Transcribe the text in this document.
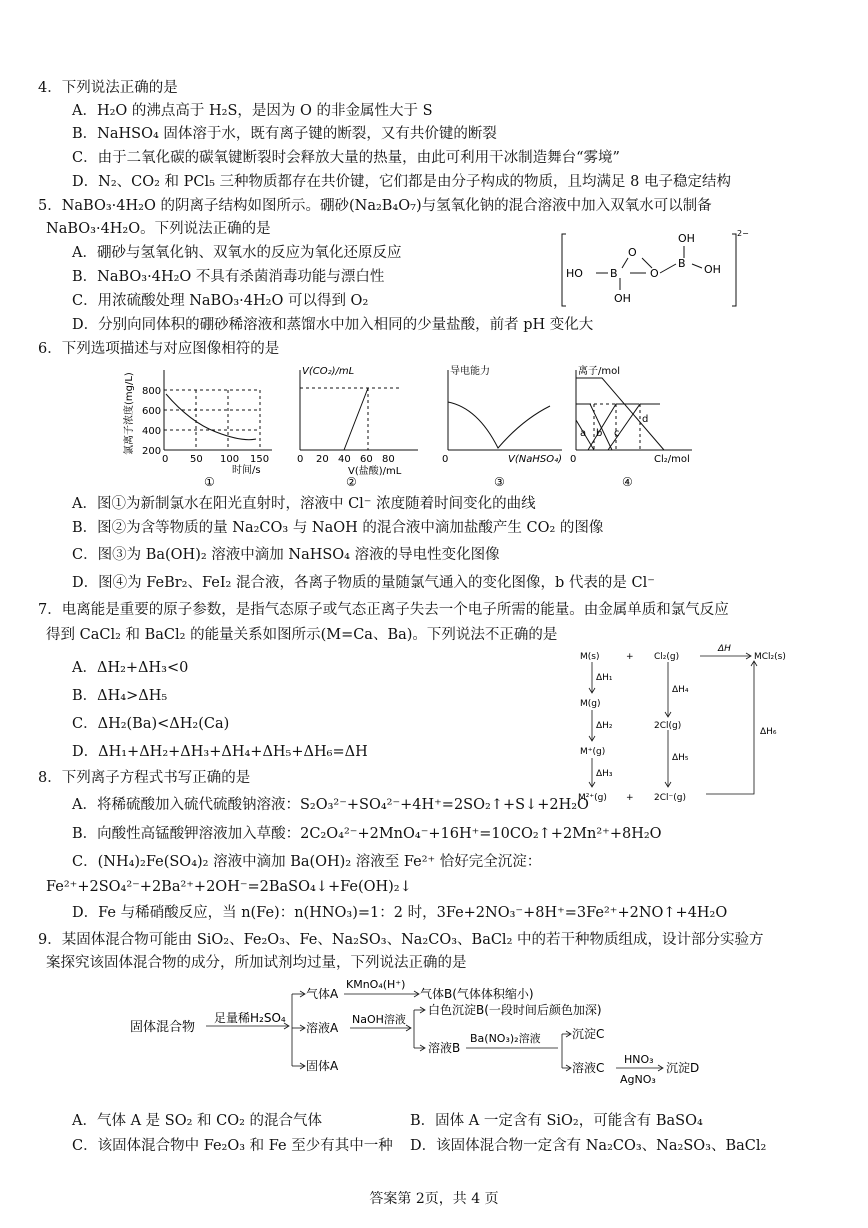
4．下列说法正确的是
A．H₂O 的沸点高于 H₂S，是因为 O 的非金属性大于 S
B．NaHSO₄ 固体溶于水，既有离子键的断裂，又有共价键的断裂
C．由于二氧化碳的碳氧键断裂时会释放大量的热量，由此可利用干冰制造舞台“雾境”
D．N₂、CO₂ 和 PCl₅ 三种物质都存在共价键，它们都是由分子构成的物质，且均满足 8 电子稳定结构
5．NaBO₃·4H₂O 的阴离子结构如图所示。硼砂(Na₂B₄O₇)与氢氧化钠的混合溶液中加入双氧水可以制备
NaBO₃·4H₂O。下列说法正确的是
A．硼砂与氢氧化钠、双氧水的反应为氧化还原反应
B．NaBO₃·4H₂O 不具有杀菌消毒功能与漂白性
C．用浓硫酸处理 NaBO₃·4H₂O 可以得到 O₂
D．分别向同体积的硼砂稀溶液和蒸馏水中加入相同的少量盐酸，前者 pH 变化大
OH
HO B
O
O
B OH
OH
2−
6．下列选项描述与对应图像相符的是
氯离子浓度(mg/L) 800
600
400
200
0 50 100 150
时间/s
①
V(CO₂)/mL
0 20 40 60 80
V(盐酸)/mL
②
导电能力
0	V(NaHSO₄)
③
离子/mol
a b c
d
0	Cl₂/mol
④
A．图①为新制氯水在阳光直射时，溶液中 Cl⁻ 浓度随着时间变化的曲线
B．图②为含等物质的量 Na₂CO₃ 与 NaOH 的混合液中滴加盐酸产生 CO₂ 的图像
C．图③为 Ba(OH)₂ 溶液中滴加 NaHSO₄ 溶液的导电性变化图像
D．图④为 FeBr₂、FeI₂ 混合液，各离子物质的量随氯气通入的变化图像，b 代表的是 Cl⁻
7．电离能是重要的原子参数，是指气态原子或气态正离子失去一个电子所需的能量。由金属单质和氯气反应
得到 CaCl₂ 和 BaCl₂ 的能量关系如图所示(M=Ca、Ba)。下列说法不正确的是
A．ΔH₂+ΔH₃<0
B．ΔH₄>ΔH₅
C．ΔH₂(Ba)<ΔH₂(Ca)
D．ΔH₁+ΔH₂+ΔH₃+ΔH₄+ΔH₅+ΔH₆=ΔH
M(s)	+ Cl₂(g)
ΔH
MCl₂(s)
ΔH₁
M(g)
ΔH₂
M⁺(g)
ΔH₃
M²⁺(g) +
ΔH₄
2Cl(g)
ΔH₅
2Cl⁻(g)
ΔH₆
8．下列离子方程式书写正确的是
A．将稀硫酸加入硫代硫酸钠溶液：S₂O₃²⁻+SO₄²⁻+4H⁺=2SO₂↑+S↓+2H₂O
B．向酸性高锰酸钾溶液加入草酸：2C₂O₄²⁻+2MnO₄⁻+16H⁺=10CO₂↑+2Mn²⁺+8H₂O
C．(NH₄)₂Fe(SO₄)₂ 溶液中滴加 Ba(OH)₂ 溶液至 Fe²⁺ 恰好完全沉淀：
Fe²⁺+2SO₄²⁻+2Ba²⁺+2OH⁻=2BaSO₄↓+Fe(OH)₂↓
D．Fe 与稀硝酸反应，当 n(Fe)：n(HNO₃)=1：2 时，3Fe+2NO₃⁻+8H⁺=3Fe²⁺+2NO↑+4H₂O
9．某固体混合物可能由 SiO₂、Fe₂O₃、Fe、Na₂SO₃、Na₂CO₃、BaCl₂ 中的若干种物质组成，设计部分实验方
案探究该固体混合物的成分，所加试剂均过量，下列说法正确的是
固体混合物
足量稀H₂SO₄
气体A
KMnO₄(H⁺)
气体B(气体体积缩小)
溶液A
NaOH溶液
白色沉淀B(一段时间后颜色加深)
溶液B
Ba(NO₃)₂溶液	沉淀C
溶液C
HNO₃
AgNO₃
沉淀D
固体A
A．气体 A 是 SO₂ 和 CO₂ 的混合气体	B．固体 A 一定含有 SiO₂，可能含有 BaSO₄
C．该固体混合物中 Fe₂O₃ 和 Fe 至少有其中一种 D．该固体混合物一定含有 Na₂CO₃、Na₂SO₃、BaCl₂
答案第 2页，共 4 页
